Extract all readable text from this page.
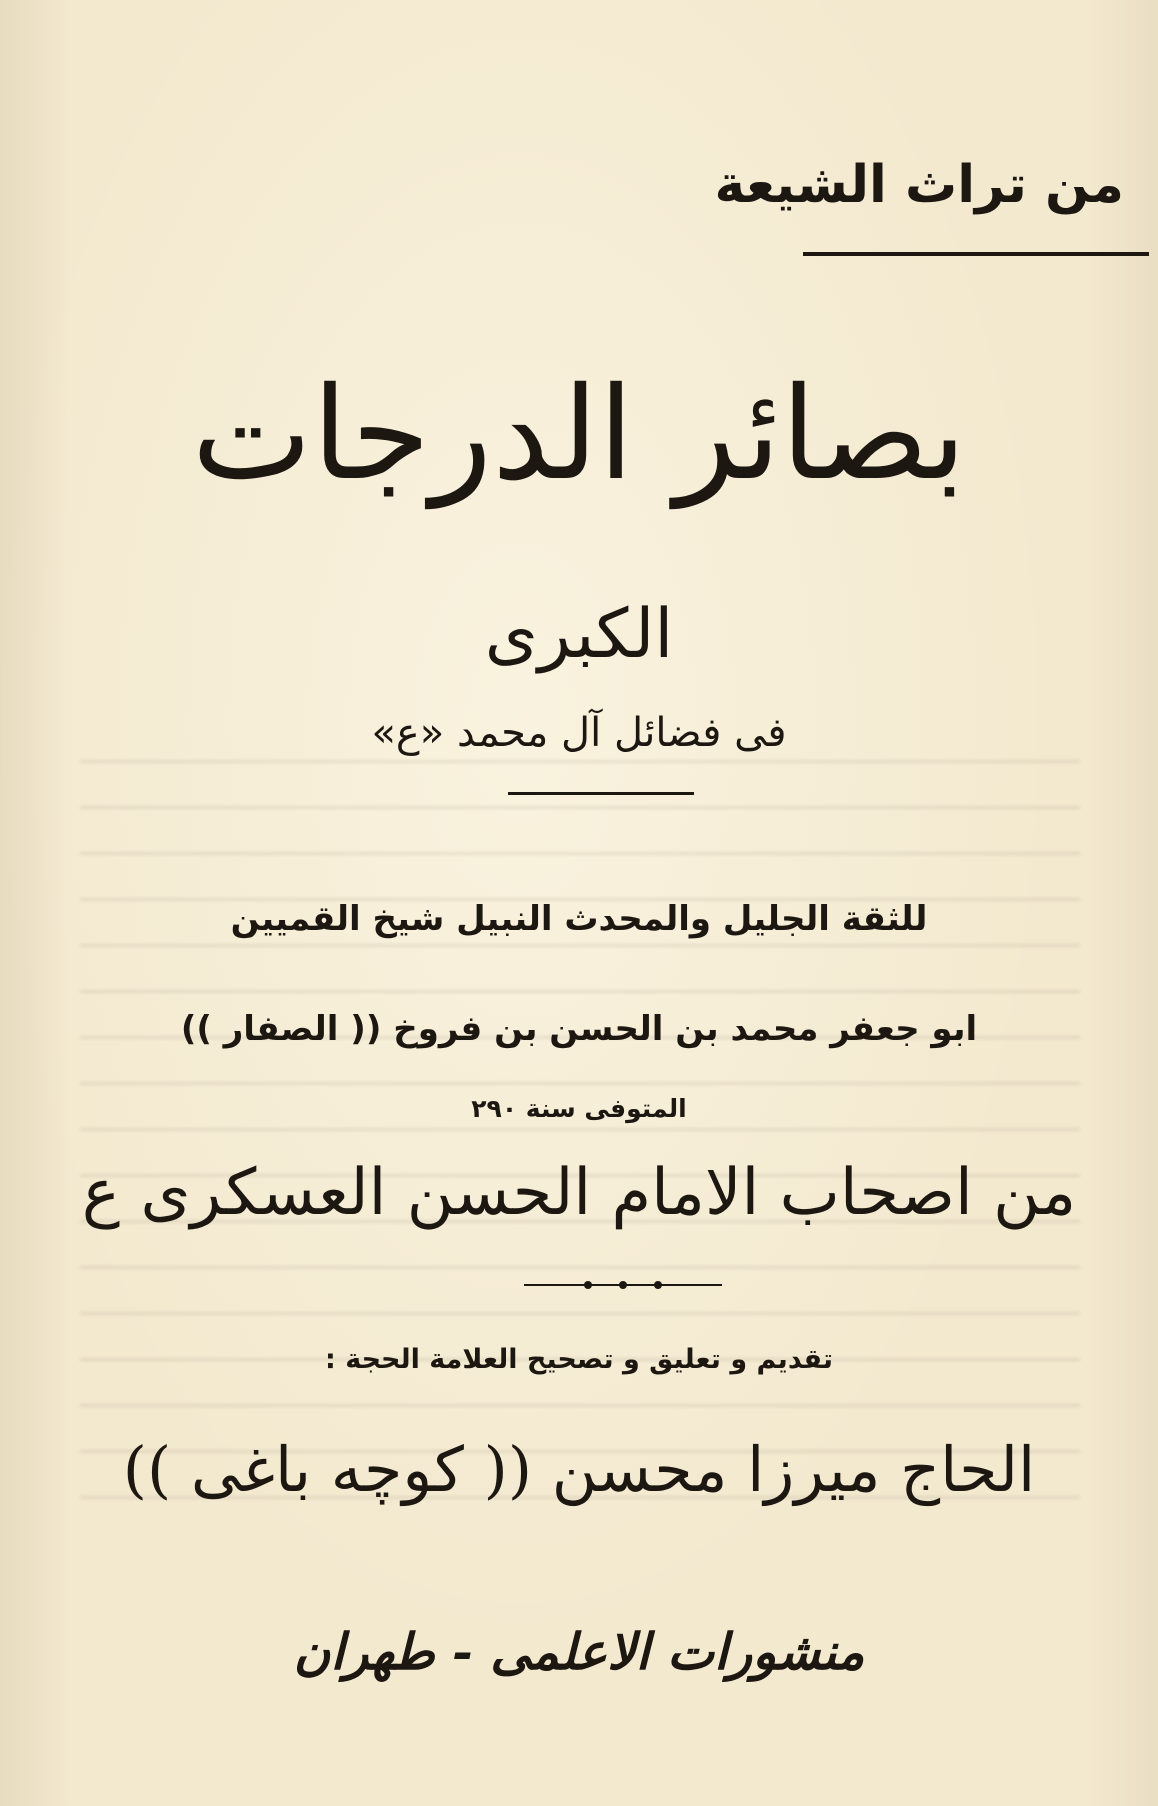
من تراث الشيعة
بصائر الدرجات
الكبرى
فی فضائل آل محمد «ع»
للثقة الجليل والمحدث النبيل شيخ القميين
ابو جعفر محمد بن الحسن بن فروخ (( الصفار ))
المتوفى سنة ٢٩٠
من اصحاب الامام الحسن العسكری ع
تقديم و تعليق و تصحيح العلامة الحجة :
الحاج ميرزا محسن (( كوچه باغی ))
منشورات الاعلمی - طهران
